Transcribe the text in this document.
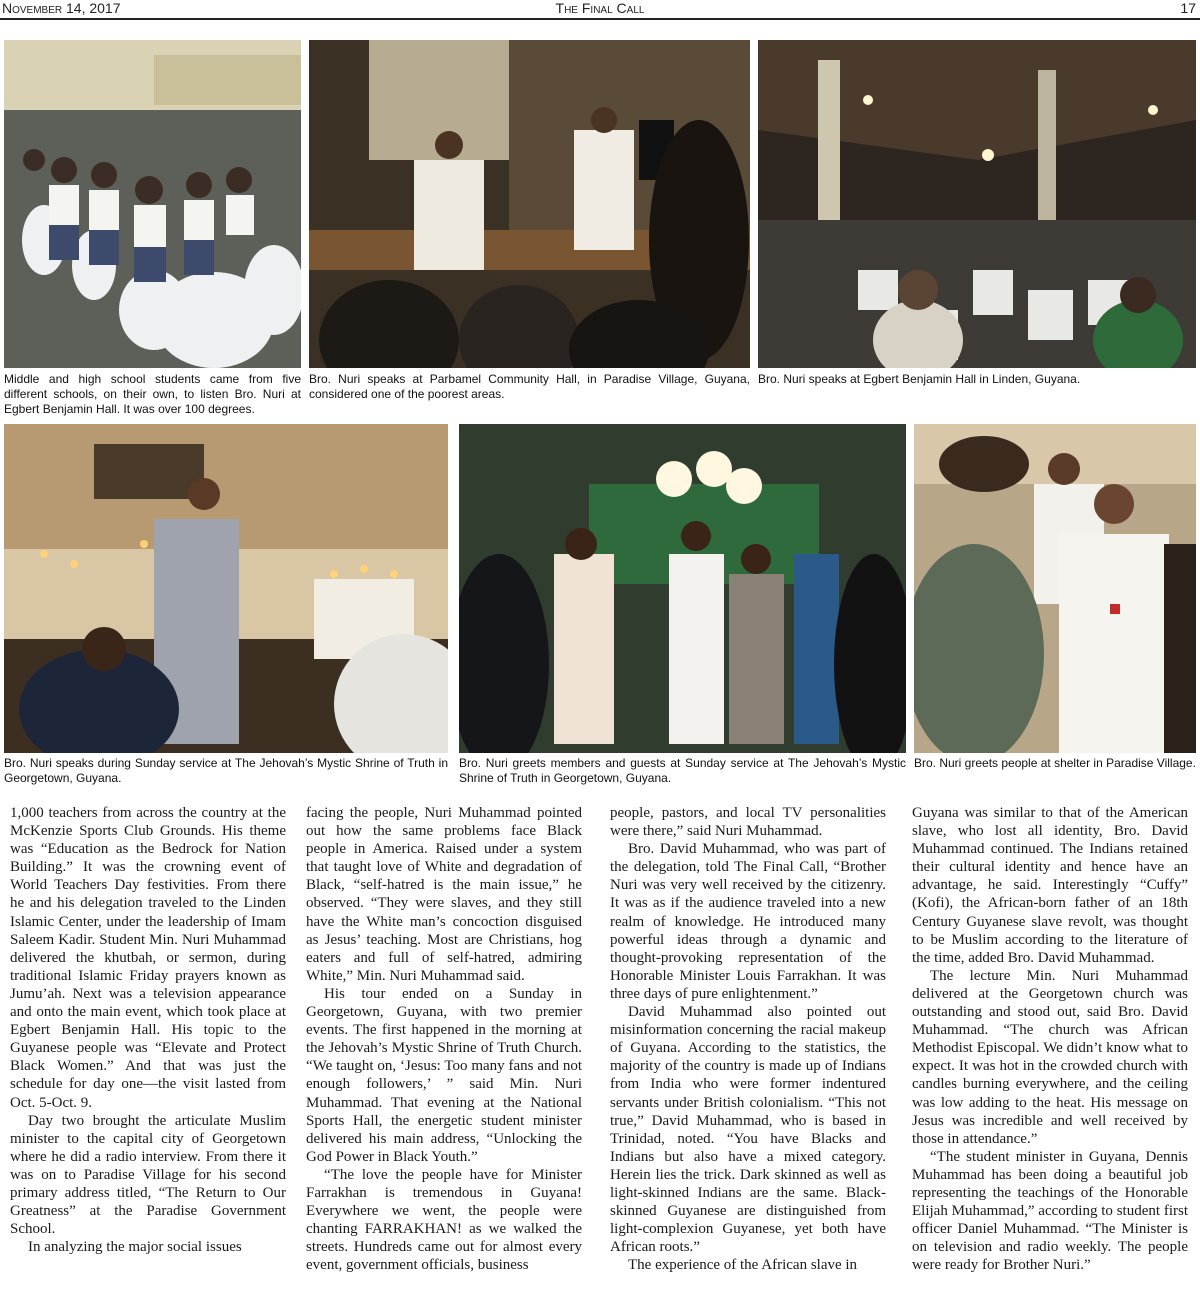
November 14, 2017	The Final Call	17
Middle and high school students came from five different schools, on their own, to listen Bro. Nuri at Egbert Benjamin Hall. It was over 100 degrees.
Bro. Nuri speaks at Parbamel Community Hall, in Paradise Village, Guyana, considered one of the poorest areas.
Bro. Nuri speaks at Egbert Benjamin Hall in Linden, Guyana.
Bro. Nuri speaks during Sunday service at The Jehovah’s Mystic Shrine of Truth in Georgetown, Guyana.
Bro. Nuri greets members and guests at Sunday service at The Jehovah’s Mystic Shrine of Truth in Georgetown, Guyana.
Bro. Nuri greets people at shelter in Paradise Village.

1,000 teachers from across the country at the McKenzie Sports Club Grounds. His theme was “Education as the Bedrock for Nation Building.” It was the crowning event of World Teachers Day festivities. From there he and his delegation traveled to the Linden Islamic Center, under the leadership of Imam Saleem Kadir. Student Min. Nuri Muhammad delivered the khutbah, or sermon, during traditional Islamic Friday prayers known as Jumu’ah. Next was a television appearance and onto the main event, which took place at Egbert Benjamin Hall. His topic to the Guyanese people was “Elevate and Protect Black Women.” And that was just the schedule for day one—the visit lasted from Oct. 5-Oct. 9.

Day two brought the articulate Muslim minister to the capital city of Georgetown where he did a radio interview. From there it was on to Paradise Village for his second primary address titled, “The Return to Our Greatness” at the Paradise Government School.

In analyzing the major social issues

facing the people, Nuri Muhammad pointed out how the same problems face Black people in America. Raised under a system that taught love of White and degradation of Black, “self-hatred is the main issue,” he observed. “They were slaves, and they still have the White man’s concoction disguised as Jesus’ teaching. Most are Christians, hog eaters and full of self-hatred, admiring White,” Min. Nuri Muhammad said.

His tour ended on a Sunday in Georgetown, Guyana, with two premier events. The first happened in the morning at the Jehovah’s Mystic Shrine of Truth Church. “We taught on, ‘Jesus: Too many fans and not enough followers,’ ” said Min. Nuri Muhammad. That evening at the National Sports Hall, the energetic student minister delivered his main address, “Unlocking the God Power in Black Youth.”

“The love the people have for Minister Farrakhan is tremendous in Guyana! Everywhere we went, the people were chanting FARRAKHAN! as we walked the streets. Hundreds came out for almost every event, government officials, business

people, pastors, and local TV personalities were there,” said Nuri Muhammad.

Bro. David Muhammad, who was part of the delegation, told The Final Call, “Brother Nuri was very well received by the citizenry. It was as if the audience traveled into a new realm of knowledge. He introduced many powerful ideas through a dynamic and thought-provoking representation of the Honorable Minister Louis Farrakhan. It was three days of pure enlightenment.”

David Muhammad also pointed out misinformation concerning the racial makeup of Guyana. According to the statistics, the majority of the country is made up of Indians from India who were former indentured servants under British colonialism. “This not true,” David Muhammad, who is based in Trinidad, noted. “You have Blacks and Indians but also have a mixed category. Herein lies the trick. Dark skinned as well as light-skinned Indians are the same. Black-skinned Guyanese are distinguished from light-complexion Guyanese, yet both have African roots.”

The experience of the African slave in

Guyana was similar to that of the American slave, who lost all identity, Bro. David Muhammad continued. The Indians retained their cultural identity and hence have an advantage, he said. Interestingly “Cuffy” (Kofi), the African-born father of an 18th Century Guyanese slave revolt, was thought to be Muslim according to the literature of the time, added Bro. David Muhammad.

The lecture Min. Nuri Muhammad delivered at the Georgetown church was outstanding and stood out, said Bro. David Muhammad. “The church was African Methodist Episcopal. We didn’t know what to expect. It was hot in the crowded church with candles burning everywhere, and the ceiling was low adding to the heat. His message on Jesus was incredible and well received by those in attendance.”

“The student minister in Guyana, Dennis Muhammad has been doing a beautiful job representing the teachings of the Honorable Elijah Muhammad,” according to student first officer Daniel Muhammad. “The Minister is on television and radio weekly. The people were ready for Brother Nuri.”
